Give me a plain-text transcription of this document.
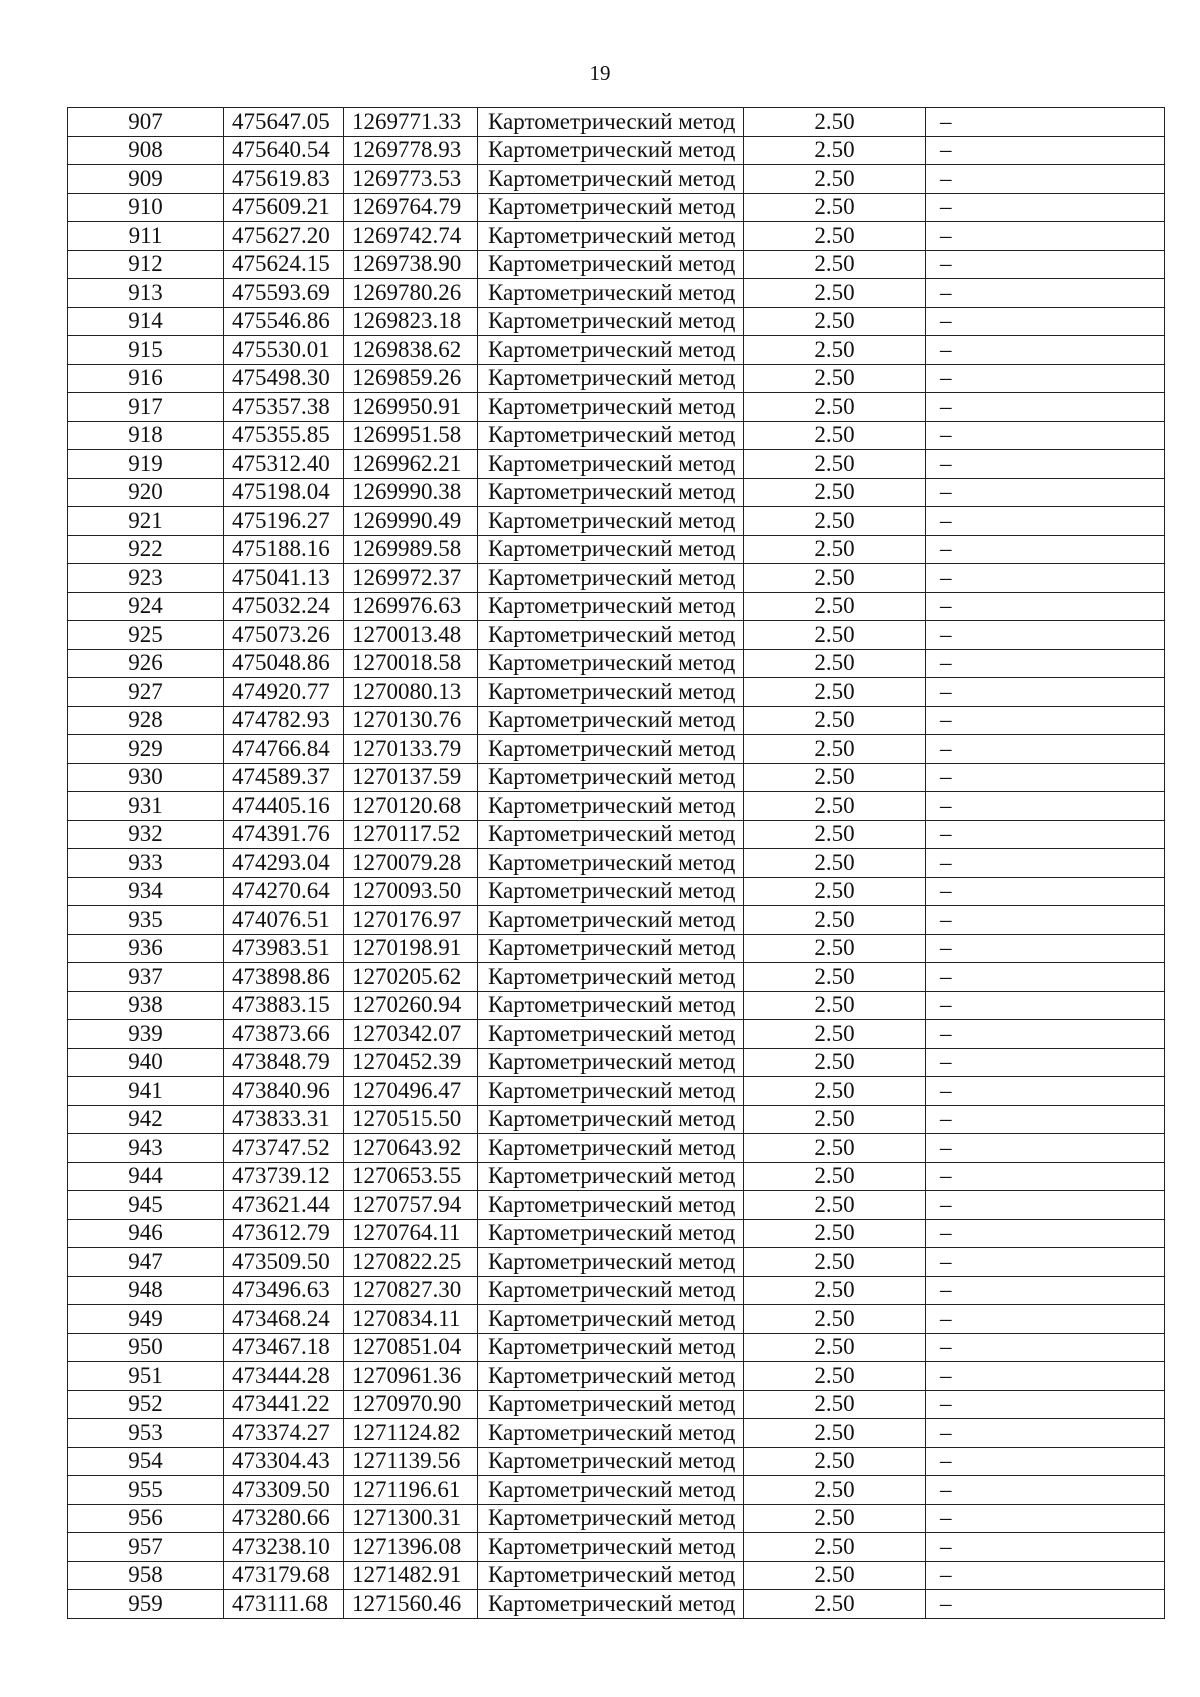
19
907	475647.05	1269771.33	Картометрический метод	2.50	–
908	475640.54	1269778.93	Картометрический метод	2.50	–
909	475619.83	1269773.53	Картометрический метод	2.50	–
910	475609.21	1269764.79	Картометрический метод	2.50	–
911	475627.20	1269742.74	Картометрический метод	2.50	–
912	475624.15	1269738.90	Картометрический метод	2.50	–
913	475593.69	1269780.26	Картометрический метод	2.50	–
914	475546.86	1269823.18	Картометрический метод	2.50	–
915	475530.01	1269838.62	Картометрический метод	2.50	–
916	475498.30	1269859.26	Картометрический метод	2.50	–
917	475357.38	1269950.91	Картометрический метод	2.50	–
918	475355.85	1269951.58	Картометрический метод	2.50	–
919	475312.40	1269962.21	Картометрический метод	2.50	–
920	475198.04	1269990.38	Картометрический метод	2.50	–
921	475196.27	1269990.49	Картометрический метод	2.50	–
922	475188.16	1269989.58	Картометрический метод	2.50	–
923	475041.13	1269972.37	Картометрический метод	2.50	–
924	475032.24	1269976.63	Картометрический метод	2.50	–
925	475073.26	1270013.48	Картометрический метод	2.50	–
926	475048.86	1270018.58	Картометрический метод	2.50	–
927	474920.77	1270080.13	Картометрический метод	2.50	–
928	474782.93	1270130.76	Картометрический метод	2.50	–
929	474766.84	1270133.79	Картометрический метод	2.50	–
930	474589.37	1270137.59	Картометрический метод	2.50	–
931	474405.16	1270120.68	Картометрический метод	2.50	–
932	474391.76	1270117.52	Картометрический метод	2.50	–
933	474293.04	1270079.28	Картометрический метод	2.50	–
934	474270.64	1270093.50	Картометрический метод	2.50	–
935	474076.51	1270176.97	Картометрический метод	2.50	–
936	473983.51	1270198.91	Картометрический метод	2.50	–
937	473898.86	1270205.62	Картометрический метод	2.50	–
938	473883.15	1270260.94	Картометрический метод	2.50	–
939	473873.66	1270342.07	Картометрический метод	2.50	–
940	473848.79	1270452.39	Картометрический метод	2.50	–
941	473840.96	1270496.47	Картометрический метод	2.50	–
942	473833.31	1270515.50	Картометрический метод	2.50	–
943	473747.52	1270643.92	Картометрический метод	2.50	–
944	473739.12	1270653.55	Картометрический метод	2.50	–
945	473621.44	1270757.94	Картометрический метод	2.50	–
946	473612.79	1270764.11	Картометрический метод	2.50	–
947	473509.50	1270822.25	Картометрический метод	2.50	–
948	473496.63	1270827.30	Картометрический метод	2.50	–
949	473468.24	1270834.11	Картометрический метод	2.50	–
950	473467.18	1270851.04	Картометрический метод	2.50	–
951	473444.28	1270961.36	Картометрический метод	2.50	–
952	473441.22	1270970.90	Картометрический метод	2.50	–
953	473374.27	1271124.82	Картометрический метод	2.50	–
954	473304.43	1271139.56	Картометрический метод	2.50	–
955	473309.50	1271196.61	Картометрический метод	2.50	–
956	473280.66	1271300.31	Картометрический метод	2.50	–
957	473238.10	1271396.08	Картометрический метод	2.50	–
958	473179.68	1271482.91	Картометрический метод	2.50	–
959	473111.68	1271560.46	Картометрический метод	2.50	–
